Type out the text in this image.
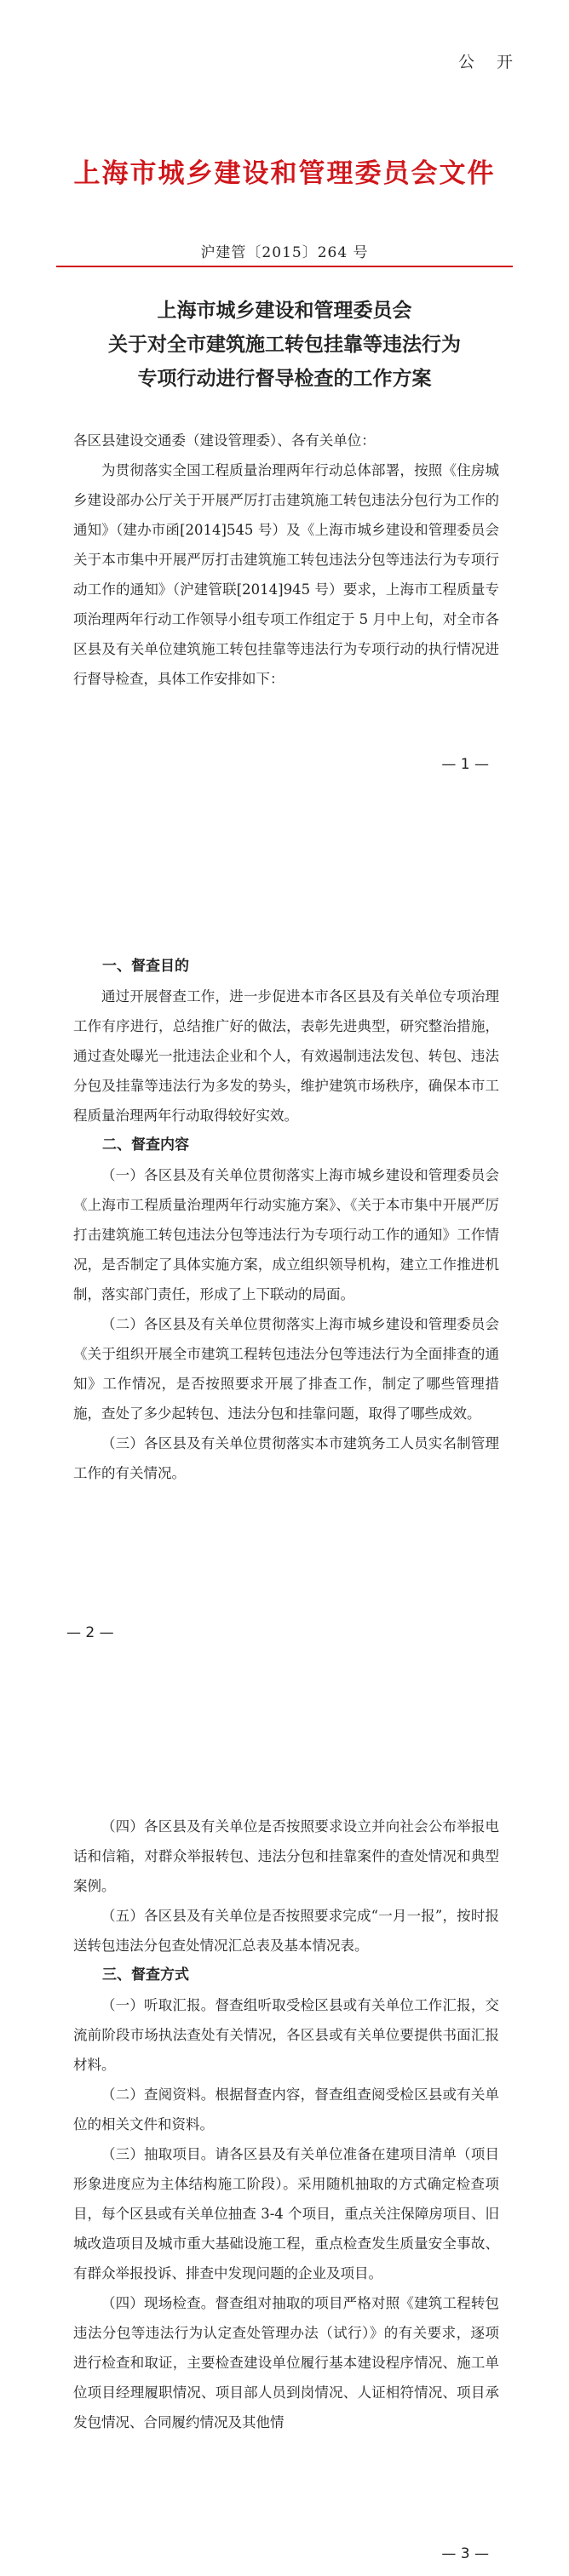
公 开
上海市城乡建设和管理委员会文件
沪建管〔2015〕264 号
上海市城乡建设和管理委员会
关于对全市建筑施工转包挂靠等违法行为
专项行动进行督导检查的工作方案

各区县建设交通委（建设管理委）、各有关单位：

为贯彻落实全国工程质量治理两年行动总体部署，按照《住房城乡建设部办公厅关于开展严厉打击建筑施工转包违法分包行为工作的通知》（建办市函[2014]545 号）及《上海市城乡建设和管理委员会关于本市集中开展严厉打击建筑施工转包违法分包等违法行为专项行动工作的通知》（沪建管联[2014]945 号）要求，上海市工程质量专项治理两年行动工作领导小组专项工作组定于 5 月中上旬，对全市各区县及有关单位建筑施工转包挂靠等违法行为专项行动的执行情况进行督导检查，具体工作安排如下：

— 1 —
一、督查目的

通过开展督查工作，进一步促进本市各区县及有关单位专项治理工作有序进行，总结推广好的做法，表彰先进典型，研究整治措施，通过查处曝光一批违法企业和个人，有效遏制违法发包、转包、违法分包及挂靠等违法行为多发的势头，维护建筑市场秩序，确保本市工程质量治理两年行动取得较好实效。

二、督查内容

（一）各区县及有关单位贯彻落实上海市城乡建设和管理委员会《上海市工程质量治理两年行动实施方案》、《关于本市集中开展严厉打击建筑施工转包违法分包等违法行为专项行动工作的通知》工作情况，是否制定了具体实施方案，成立组织领导机构，建立工作推进机制，落实部门责任，形成了上下联动的局面。

（二）各区县及有关单位贯彻落实上海市城乡建设和管理委员会《关于组织开展全市建筑工程转包违法分包等违法行为全面排查的通知》工作情况，是否按照要求开展了排查工作，制定了哪些管理措施，查处了多少起转包、违法分包和挂靠问题，取得了哪些成效。

（三）各区县及有关单位贯彻落实本市建筑务工人员实名制管理工作的有关情况。

— 2 —

（四）各区县及有关单位是否按照要求设立并向社会公布举报电话和信箱，对群众举报转包、违法分包和挂靠案件的查处情况和典型案例。

（五）各区县及有关单位是否按照要求完成“一月一报”，按时报送转包违法分包查处情况汇总表及基本情况表。

三、督查方式

（一）听取汇报。督查组听取受检区县或有关单位工作汇报，交流前阶段市场执法查处有关情况，各区县或有关单位要提供书面汇报材料。

（二）查阅资料。根据督查内容，督查组查阅受检区县或有关单位的相关文件和资料。

（三）抽取项目。请各区县及有关单位准备在建项目清单（项目形象进度应为主体结构施工阶段）。采用随机抽取的方式确定检查项目，每个区县或有关单位抽查 3-4 个项目，重点关注保障房项目、旧城改造项目及城市重大基础设施工程，重点检查发生质量安全事故、有群众举报投诉、排查中发现问题的企业及项目。

（四）现场检查。督查组对抽取的项目严格对照《建筑工程转包违法分包等违法行为认定查处管理办法（试行）》的有关要求，逐项进行检查和取证，主要检查建设单位履行基本建设程序情况、施工单位项目经理履职情况、项目部人员到岗情况、人证相符情况、项目承发包情况、合同履约情况及其他情

— 3 —
